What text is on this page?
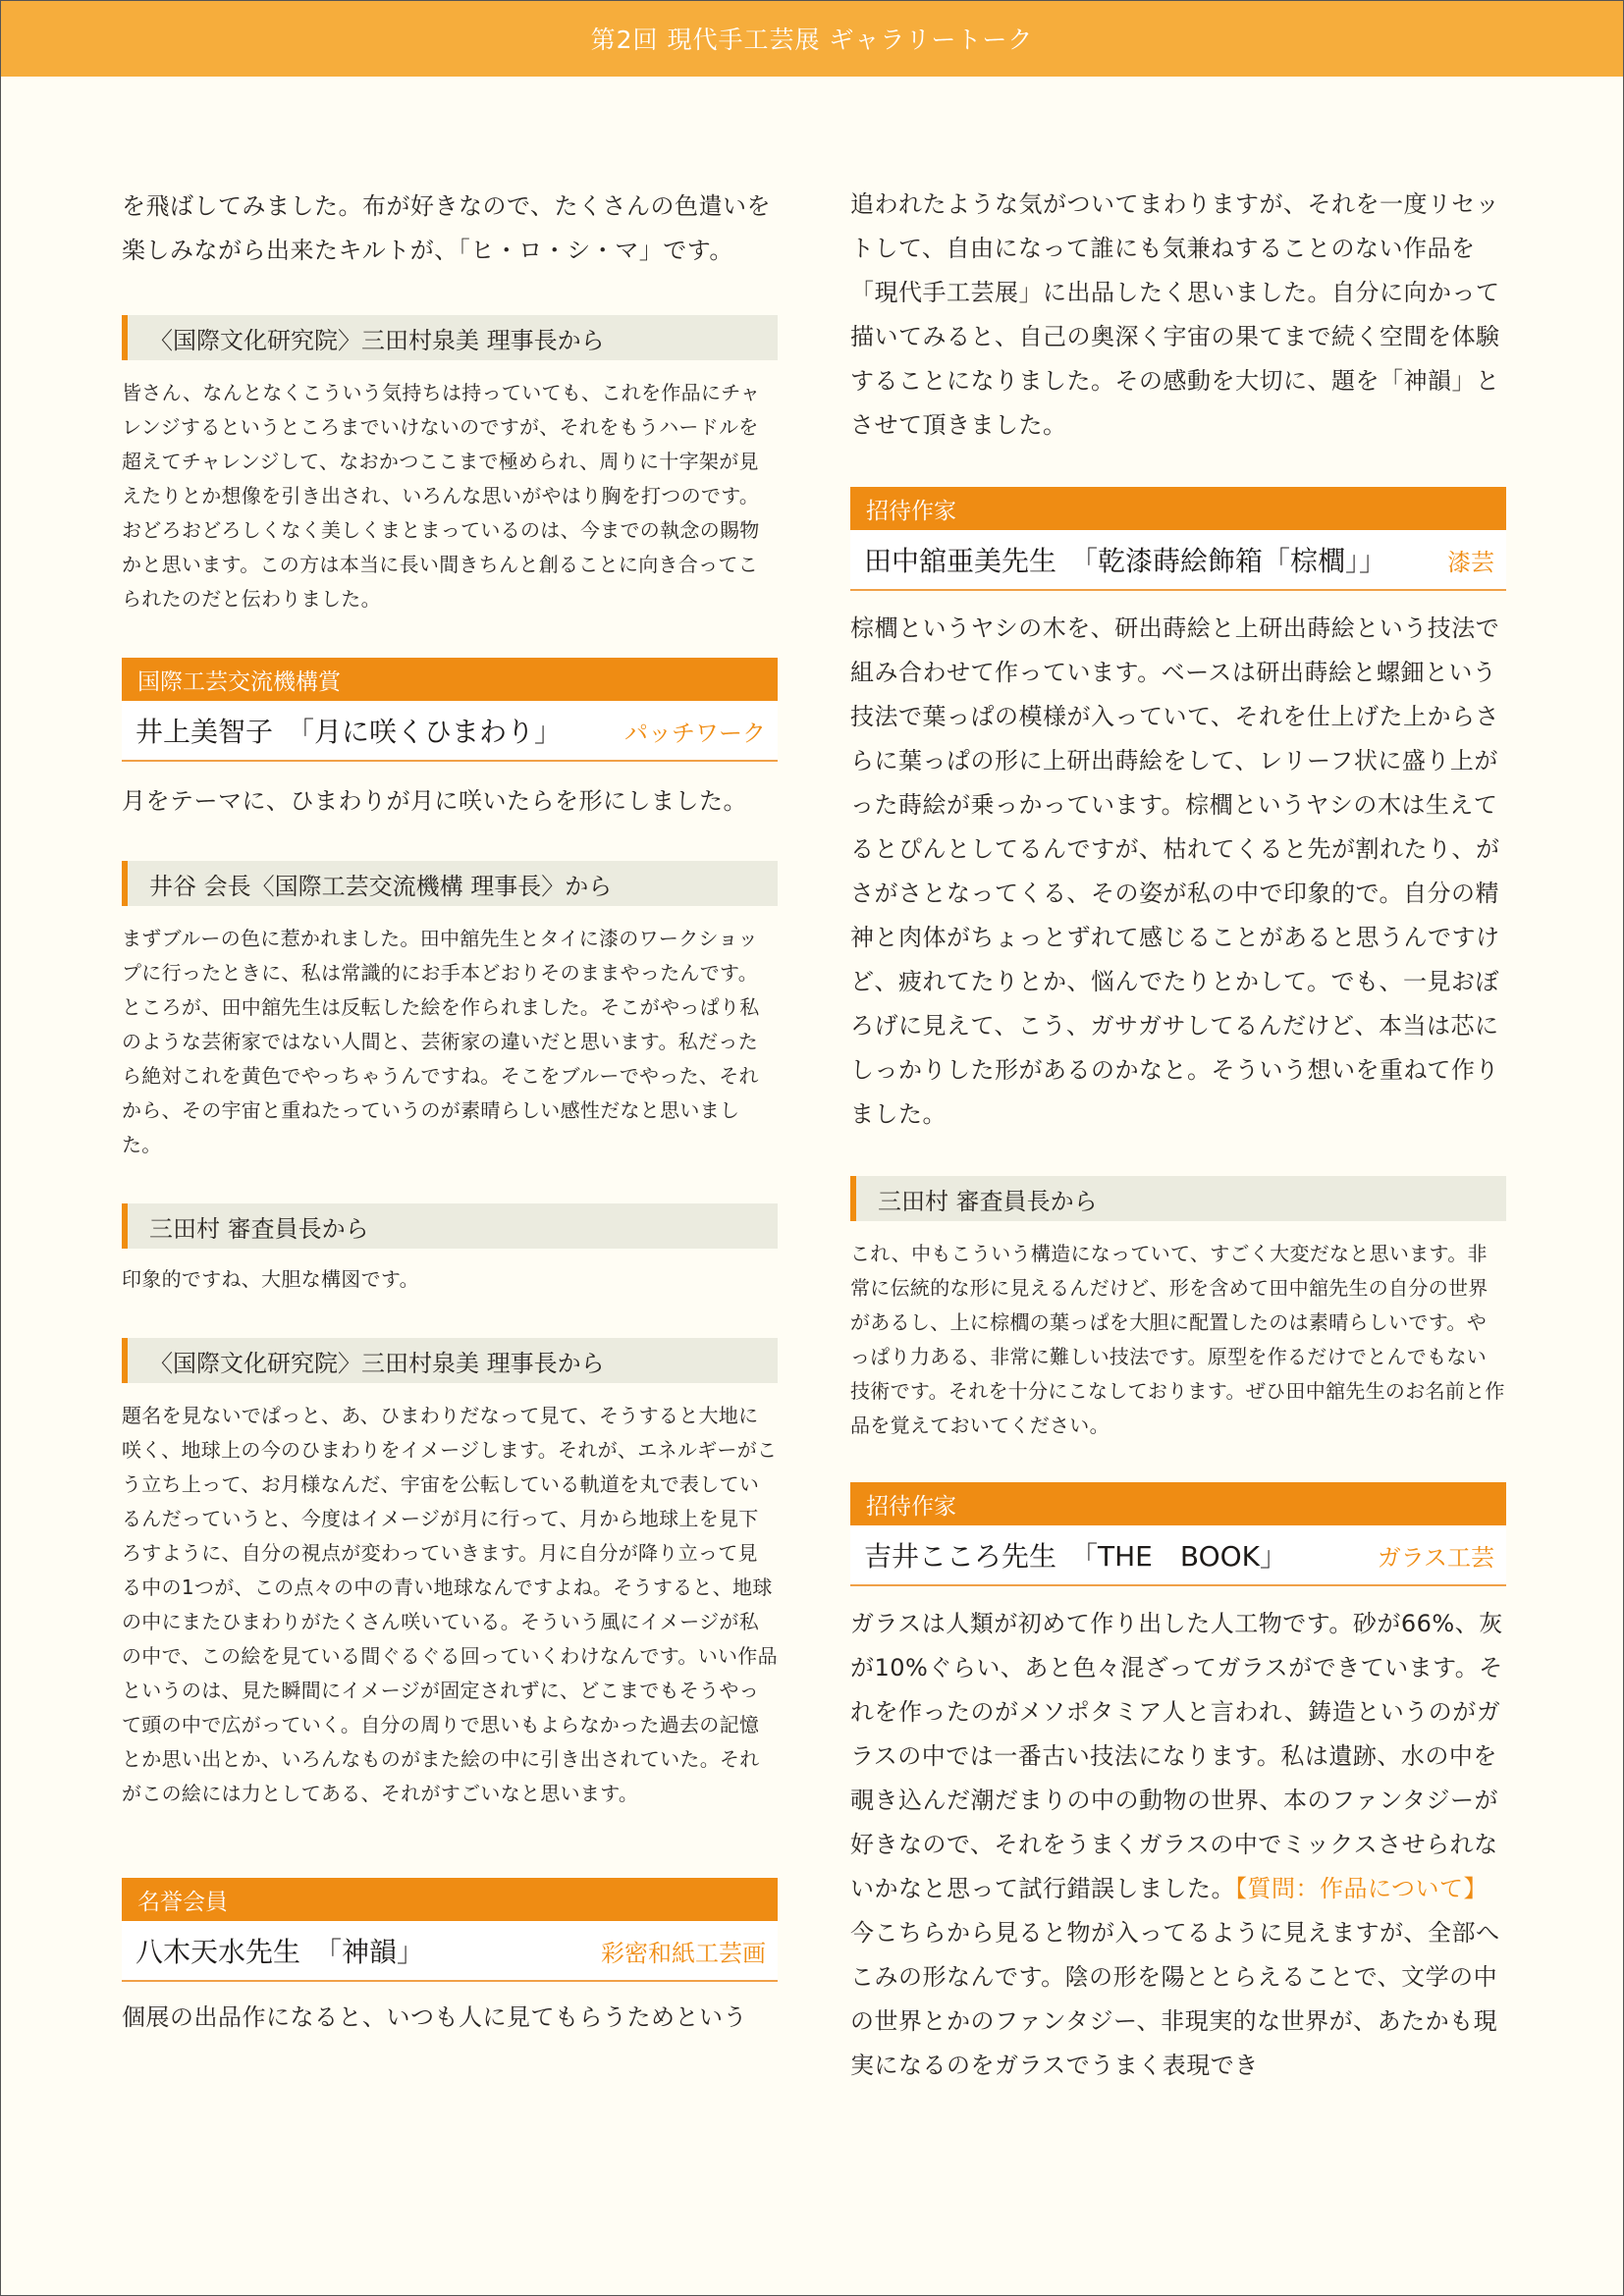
第2回 現代手工芸展 ギャラリートーク

を飛ばしてみました。布が好きなので、たくさんの色遣いを楽しみながら出来たキルトが、「ヒ・ロ・シ・マ」です。

〈国際文化研究院〉三田村泉美 理事長から

皆さん、なんとなくこういう気持ちは持っていても、これを作品にチャレンジするというところまでいけないのですが、それをもうハードルを超えてチャレンジして、なおかつここまで極められ、周りに十字架が見えたりとか想像を引き出され、いろんな思いがやはり胸を打つのです。おどろおどろしくなく美しくまとまっているのは、今までの執念の賜物かと思います。この方は本当に長い間きちんと創ることに向き合ってこられたのだと伝わりました。

国際工芸交流機構賞
井上美智子　「月に咲くひまわり」	パッチワーク

月をテーマに、ひまわりが月に咲いたらを形にしました。

井谷 会長〈国際工芸交流機構 理事長〉から

まずブルーの色に惹かれました。田中舘先生とタイに漆のワークショップに行ったときに、私は常識的にお手本どおりそのままやったんです。ところが、田中舘先生は反転した絵を作られました。そこがやっぱり私のような芸術家ではない人間と、芸術家の違いだと思います。私だったら絶対これを黄色でやっちゃうんですね。そこをブルーでやった、それから、その宇宙と重ねたっていうのが素晴らしい感性だなと思いました。

三田村 審査員長から

印象的ですね、大胆な構図です。

〈国際文化研究院〉三田村泉美 理事長から

題名を見ないでぱっと、あ、ひまわりだなって見て、そうすると大地に咲く、地球上の今のひまわりをイメージします。それが、エネルギーがこう立ち上って、お月様なんだ、宇宙を公転している軌道を丸で表しているんだっていうと、今度はイメージが月に行って、月から地球上を見下ろすように、自分の視点が変わっていきます。月に自分が降り立って見る中の1つが、この点々の中の青い地球なんですよね。そうすると、地球の中にまたひまわりがたくさん咲いている。そういう風にイメージが私の中で、この絵を見ている間ぐるぐる回っていくわけなんです。いい作品というのは、見た瞬間にイメージが固定されずに、どこまでもそうやって頭の中で広がっていく。自分の周りで思いもよらなかった過去の記憶とか思い出とか、いろんなものがまた絵の中に引き出されていた。それがこの絵には力としてある、それがすごいなと思います。

名誉会員
八木天水先生　「神韻」	彩密和紙工芸画

個展の出品作になると、いつも人に見てもらうためという

追われたような気がついてまわりますが、それを一度リセットして、自由になって誰にも気兼ねすることのない作品を「現代手工芸展」に出品したく思いました。自分に向かって描いてみると、自己の奥深く宇宙の果てまで続く空間を体験することになりました。その感動を大切に、題を「神韻」とさせて頂きました。

招待作家
田中舘亜美先生　「乾漆蒔絵飾箱「棕櫚」」	漆芸

棕櫚というヤシの木を、研出蒔絵と上研出蒔絵という技法で組み合わせて作っています。ベースは研出蒔絵と螺鈿という技法で葉っぱの模様が入っていて、それを仕上げた上からさらに葉っぱの形に上研出蒔絵をして、レリーフ状に盛り上がった蒔絵が乗っかっています。棕櫚というヤシの木は生えてるとぴんとしてるんですが、枯れてくると先が割れたり、がさがさとなってくる、その姿が私の中で印象的で。自分の精神と肉体がちょっとずれて感じることがあると思うんですけど、疲れてたりとか、悩んでたりとかして。でも、一見おぼろげに見えて、こう、ガサガサしてるんだけど、本当は芯にしっかりした形があるのかなと。そういう想いを重ねて作りました。

三田村 審査員長から

これ、中もこういう構造になっていて、すごく大変だなと思います。非常に伝統的な形に見えるんだけど、形を含めて田中舘先生の自分の世界があるし、上に棕櫚の葉っぱを大胆に配置したのは素晴らしいです。やっぱり力ある、非常に難しい技法です。原型を作るだけでとんでもない技術です。それを十分にこなしております。ぜひ田中舘先生のお名前と作品を覚えておいてください。

招待作家
吉井こころ先生　「THE　BOOK」	ガラス工芸

ガラスは人類が初めて作り出した人工物です。砂が66%、灰が10%ぐらい、あと色々混ざってガラスができています。それを作ったのがメソポタミア人と言われ、鋳造というのがガラスの中では一番古い技法になります。私は遺跡、水の中を覗き込んだ潮だまりの中の動物の世界、本のファンタジーが好きなので、それをうまくガラスの中でミックスさせられないかなと思って試行錯誤しました。【質問：作品について】今こちらから見ると物が入ってるように見えますが、全部へこみの形なんです。陰の形を陽ととらえることで、文学の中の世界とかのファンタジー、非現実的な世界が、あたかも現実になるのをガラスでうまく表現でき
